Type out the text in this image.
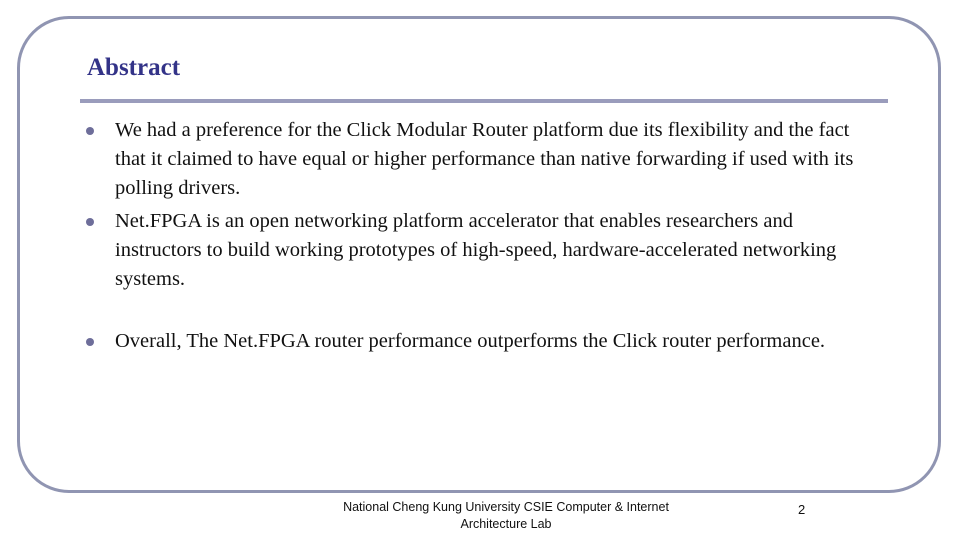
Abstract
We had a preference for the Click Modular Router platform due its flexibility and the fact that it claimed to have equal or higher performance than native forwarding if used with its polling drivers.
Net.FPGA is an open networking platform accelerator that enables researchers and instructors to build working prototypes of high-speed, hardware-accelerated networking systems.
Overall, The Net.FPGA router performance outperforms the Click router performance.
National Cheng Kung University CSIE Computer & Internet
Architecture Lab
2
